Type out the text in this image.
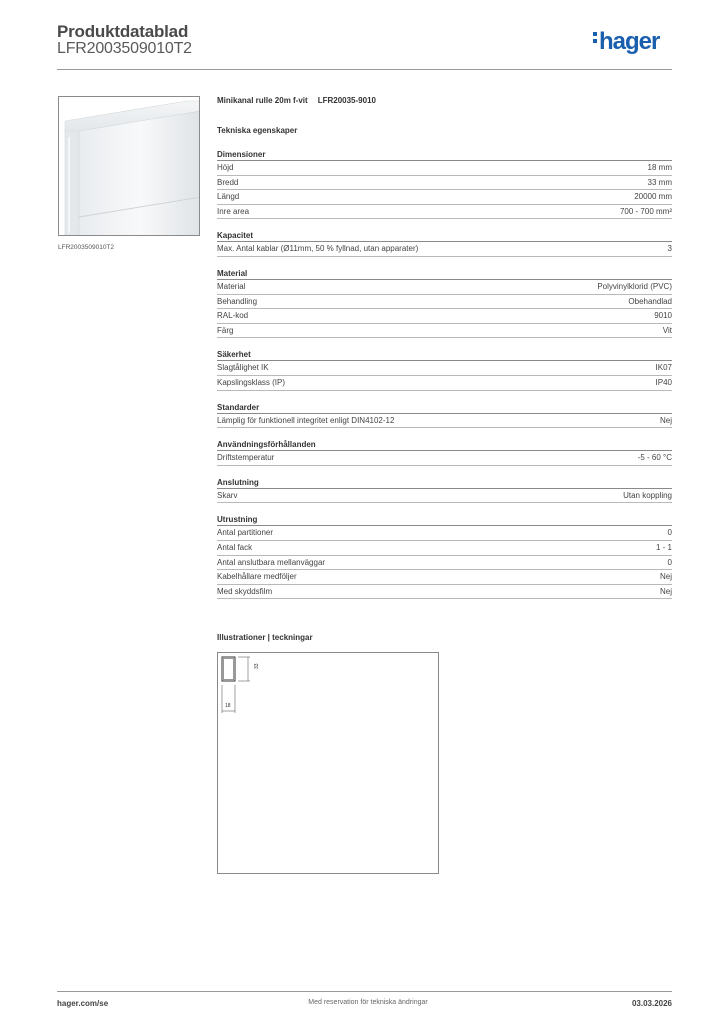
Produktdatablad
LFR2003509010T2	hager
LFR2003509010T2
Minikanal rulle 20m f-vit LFR20035-9010
Tekniska egenskaper
Dimensioner
Höjd	18 mm
Bredd	33 mm
Längd	20000 mm
Inre area	700 - 700 mm²
Kapacitet
Max. Antal kablar (Ø11mm, 50 % fyllnad, utan apparater)	3
Material
Material	Polyvinylklorid (PVC)
Behandling	Obehandlad
RAL-kod	9010
Färg	Vit
Säkerhet
Slagtålighet IK	IK07
Kapslingsklass (IP)	IP40
Standarder
Lämplig för funktionell integritet enligt DIN4102-12	Nej
Användningsförhållanden
Driftstemperatur	-5 - 60 °C
Anslutning
Skarv	Utan koppling
Utrustning
Antal partitioner	0
Antal fack	1 - 1
Antal anslutbara mellanväggar	0
Kabelhållare medföljer	Nej
Med skyddsfilm	Nej
Illustrationer | teckningar
33
18
hager.com/se	Med reservation för tekniska ändringar	03.03.2026
